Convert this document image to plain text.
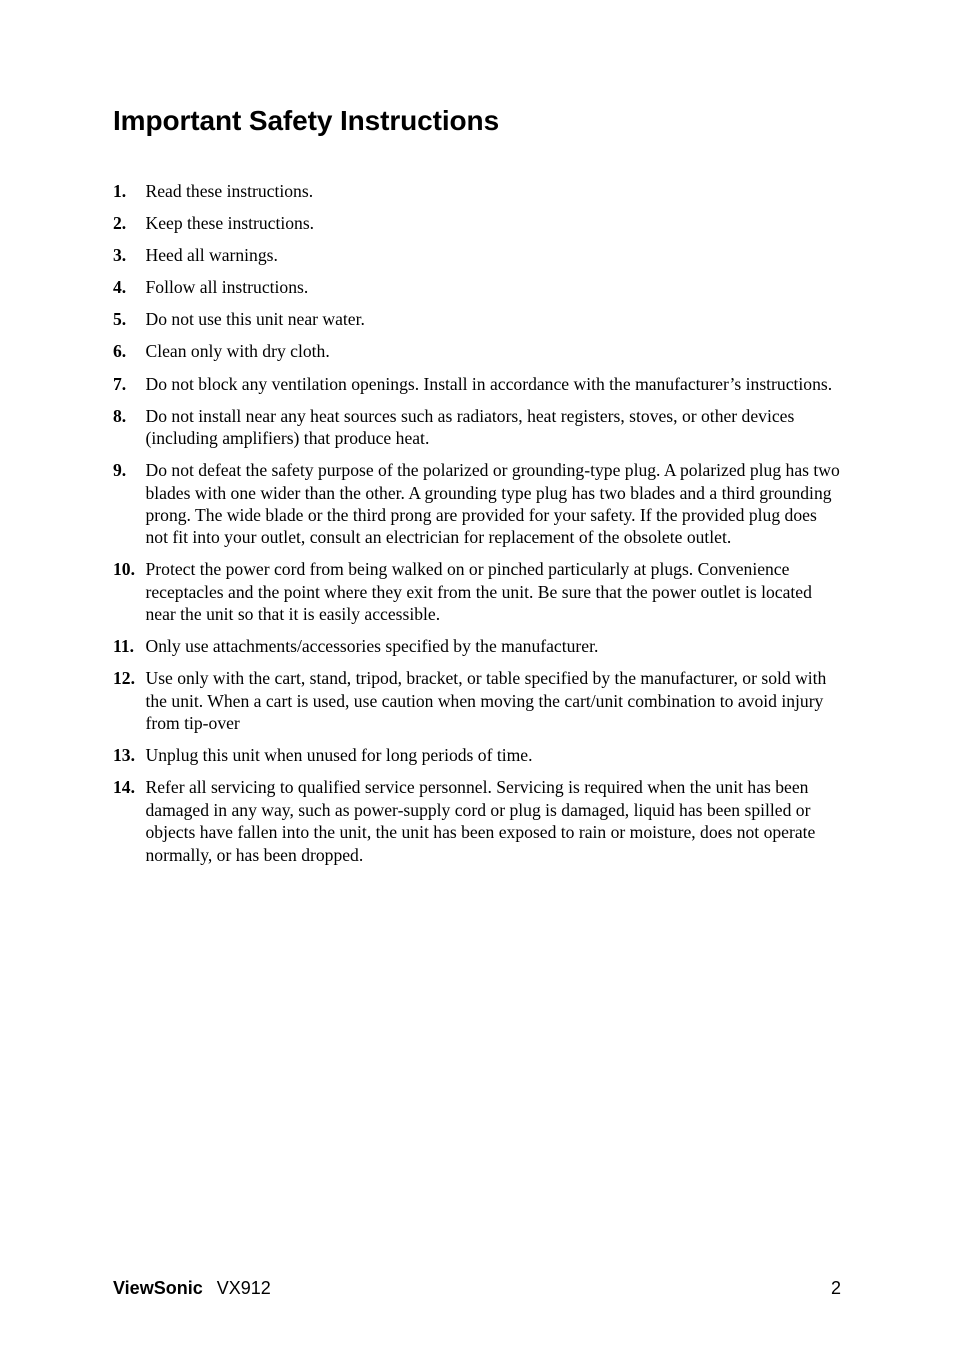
Important Safety Instructions
1. Read these instructions.
2. Keep these instructions.
3. Heed all warnings.
4. Follow all instructions.
5. Do not use this unit near water.
6. Clean only with dry cloth.
7. Do not block any ventilation openings. Install in accordance with the manufacturer’s instructions.
8. Do not install near any heat sources such as radiators, heat registers, stoves, or other devices (including amplifiers) that produce heat.
9. Do not defeat the safety purpose of the polarized or grounding-type plug. A polarized plug has two blades with one wider than the other. A grounding type plug has two blades and a third grounding prong. The wide blade or the third prong are provided for your safety. If the provided plug does not fit into your outlet, consult an electrician for replacement of the obsolete outlet.
10. Protect the power cord from being walked on or pinched particularly at plugs. Convenience receptacles and the point where they exit from the unit. Be sure that the power outlet is located near the unit so that it is easily accessible.
11. Only use attachments/accessories specified by the manufacturer.
12. Use only with the cart, stand, tripod, bracket, or table specified by the manufacturer, or sold with the unit. When a cart is used, use caution when moving the cart/unit combination to avoid injury from tip-over
13. Unplug this unit when unused for long periods of time.
14. Refer all servicing to qualified service personnel. Servicing is required when the unit has been damaged in any way, such as power-supply cord or plug is damaged, liquid has been spilled or objects have fallen into the unit, the unit has been exposed to rain or moisture, does not operate normally, or has been dropped.
ViewSonic VX912	2
